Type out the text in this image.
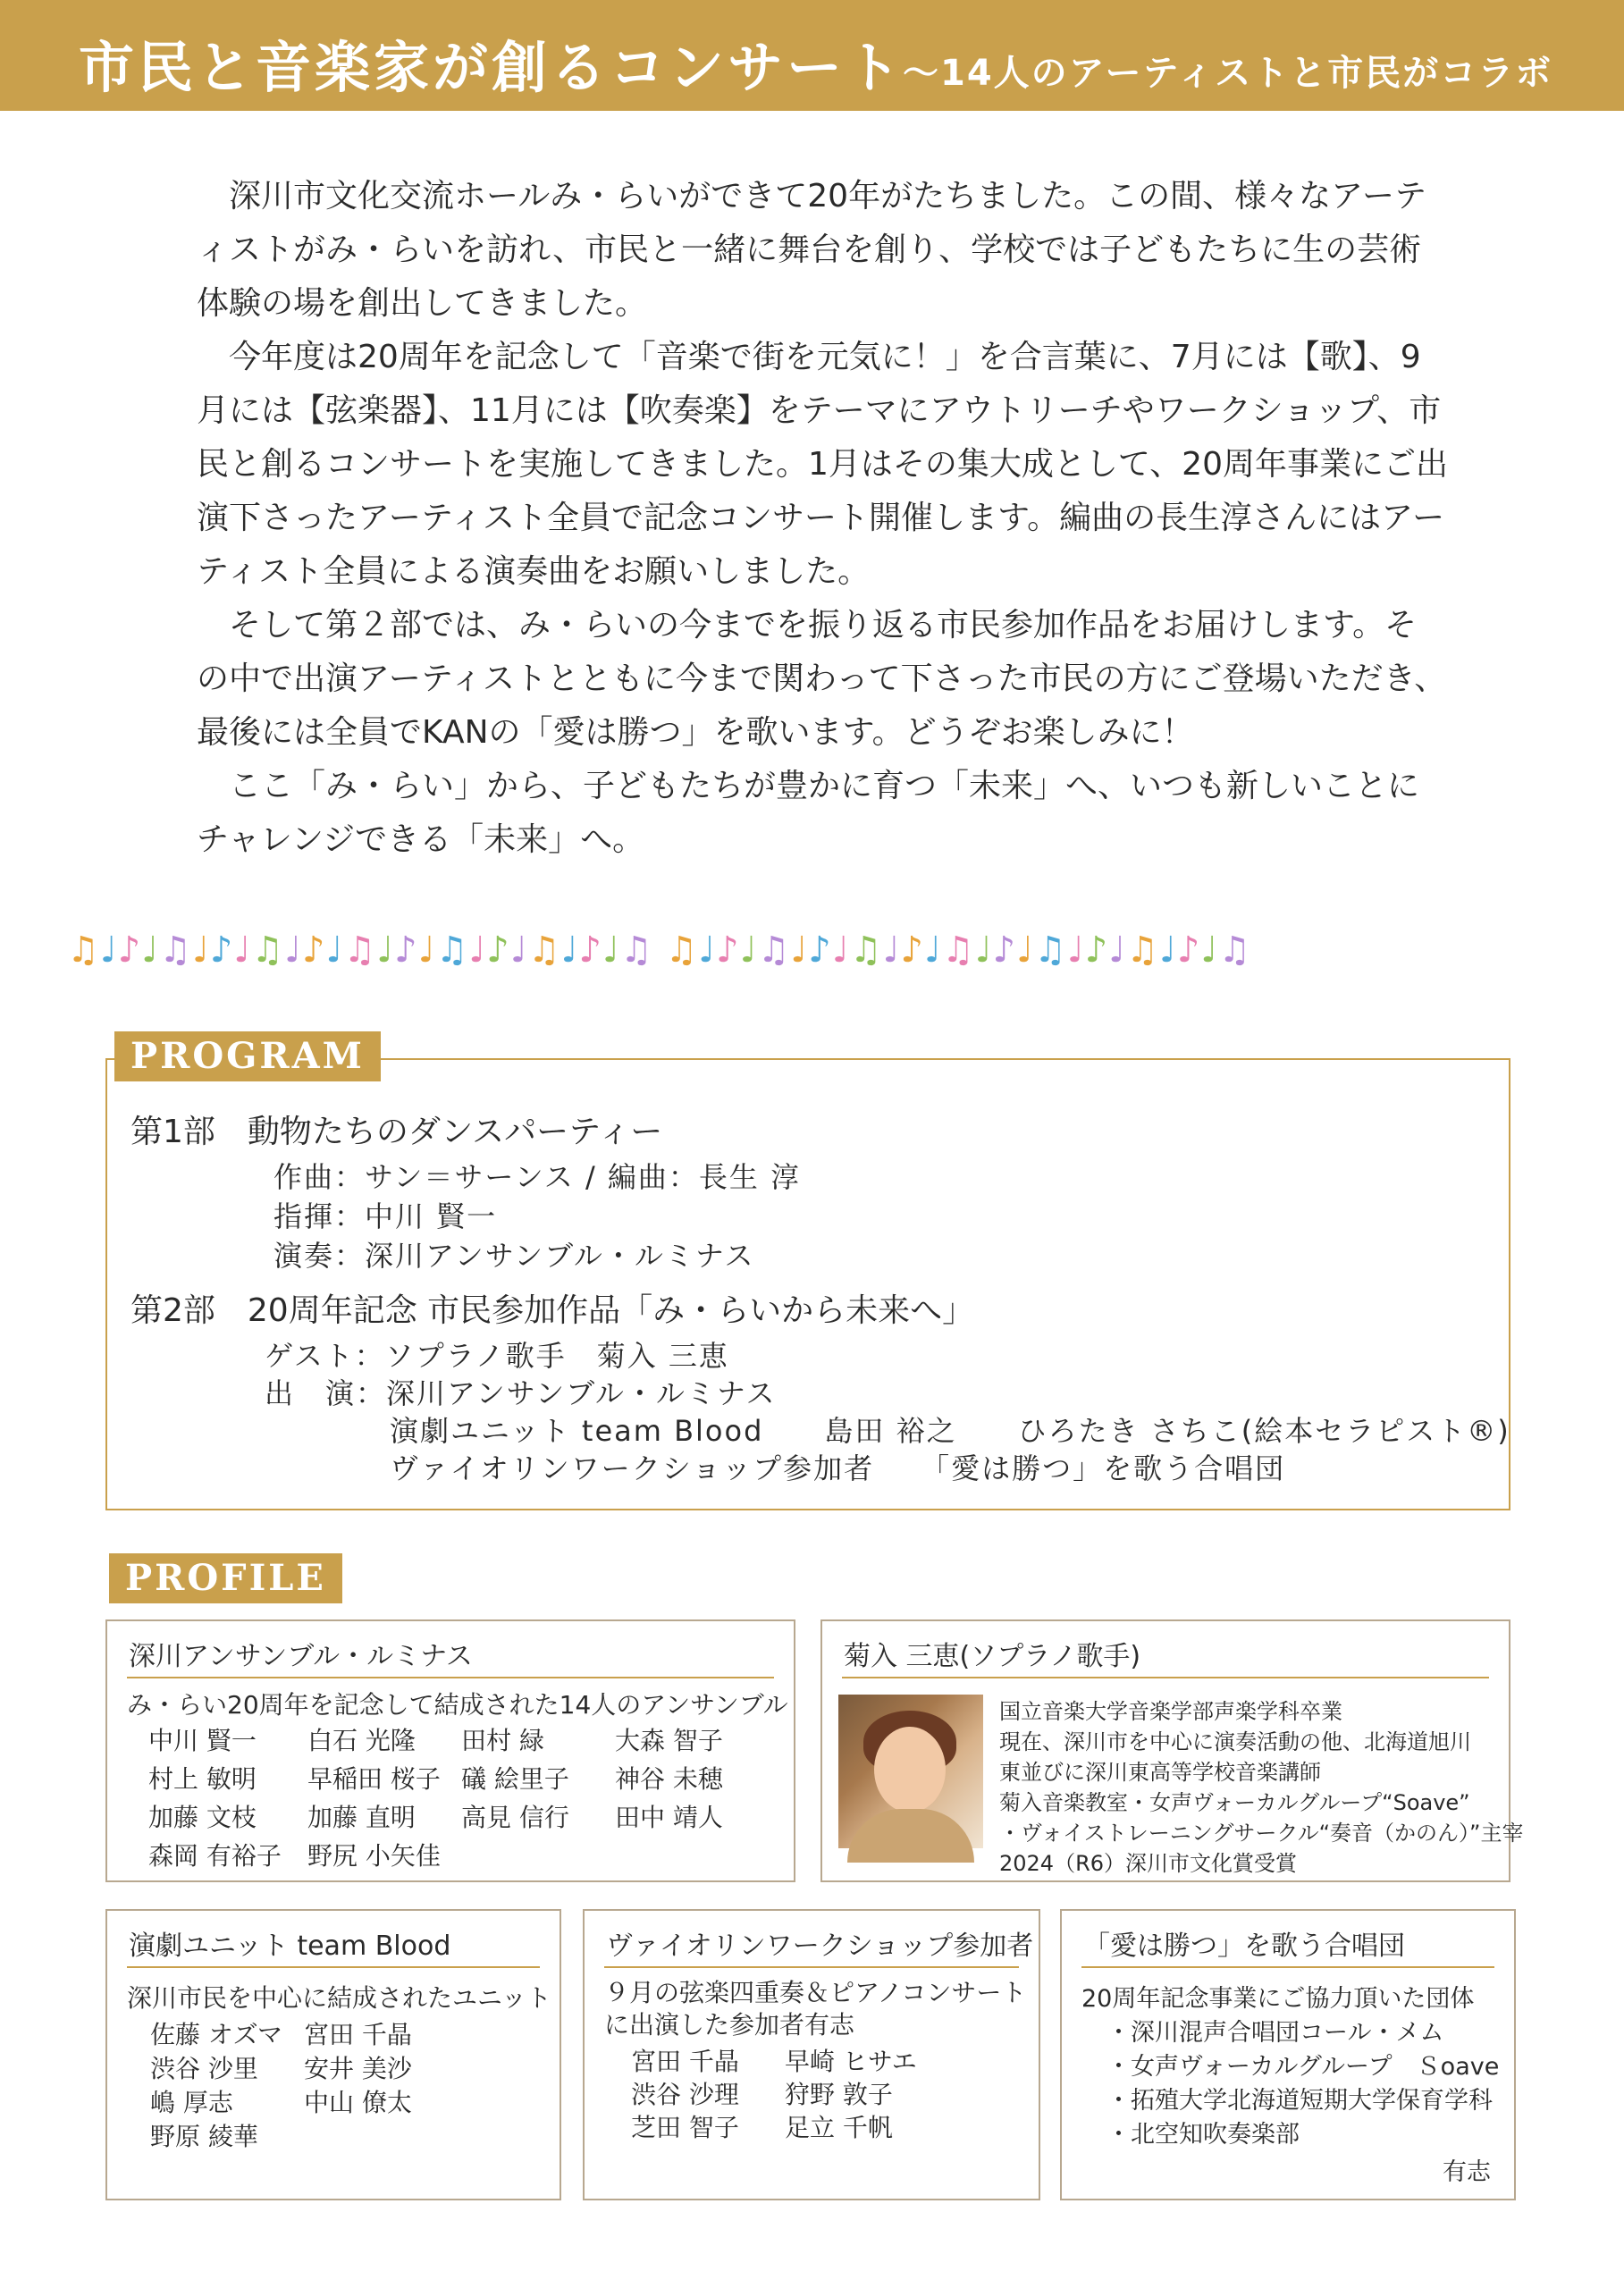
市民と音楽家が創るコンサート
～14人のアーティストと市民がコラボ

深川市文化交流ホールみ・らいができて20年がたちました。この間、様々なアーティストがみ・らいを訪れ、市民と一緒に舞台を創り、学校では子どもたちに生の芸術体験の場を創出してきました。

今年度は20周年を記念して「音楽で街を元気に！」を合言葉に、7月には【歌】、9月には【弦楽器】、11月には【吹奏楽】をテーマにアウトリーチやワークショップ、市民と創るコンサートを実施してきました。1月はその集大成として、20周年事業にご出演下さったアーティスト全員で記念コンサート開催します。編曲の長生淳さんにはアーティスト全員による演奏曲をお願いしました。

そして第２部では、み・らいの今までを振り返る市民参加作品をお届けします。その中で出演アーティストとともに今まで関わって下さった市民の方にご登場いただき、最後には全員でKANの「愛は勝つ」を歌います。どうぞお楽しみに！

ここ「み・らい」から、子どもたちが豊かに育つ「未来」へ、いつも新しいことにチャレンジできる「未来」へ。

♫♩♪♩♫♩♪♩♫♩♪♩♫♩♪♩♫♩♪♩♫♩♪♩♫ ♫♩♪♩♫♩♪♩♫♩♪♩♫♩♪♩♫♩♪♩♫♩♪♩♫
PROGRAM
第1部　動物たちのダンスパーティー
作曲：サン＝サーンス / 編曲：長生 淳
指揮：中川 賢一
演奏：深川アンサンブル・ルミナス
第2部　20周年記念 市民参加作品「み・らいから未来へ」
ゲスト：ソプラノ歌手　菊入 三恵
出　演：深川アンサンブル・ルミナス
演劇ユニット team Blood　　島田 裕之　　ひろたき さちこ(絵本セラピスト®)
ヴァイオリンワークショップ参加者　　「愛は勝つ」を歌う合唱団
PROFILE
深川アンサンブル・ルミナス
み・らい20周年を記念して結成された14人のアンサンブル
中川 賢一 白石 光隆 田村 緑	大森 智子
村上 敏明 早稲田 桜子 礒 絵里子 神谷 未穂
加藤 文枝 加藤 直明 高見 信行 田中 靖人
森岡 有裕子 野尻 小矢佳
菊入 三恵(ソプラノ歌手)
国立音楽大学音楽学部声楽学科卒業
現在、深川市を中心に演奏活動の他、北海道旭川
東並びに深川東高等学校音楽講師
菊入音楽教室・女声ヴォーカルグループ“Soave”
・ヴォイストレーニングサークル“奏音（かのん）”主宰
2024（R6）深川市文化賞受賞
演劇ユニット team Blood
深川市民を中心に結成されたユニット
佐藤 オズマ 宮田 千晶
渋谷 沙里 安井 美沙
嶋 厚志	中山 僚太
野原 綾華
ヴァイオリンワークショップ参加者
９月の弦楽四重奏＆ピアノコンサート
に出演した参加者有志
宮田 千晶 早崎 ヒサエ
渋谷 沙理 狩野 敦子
芝田 智子 足立 千帆
「愛は勝つ」を歌う合唱団
20周年記念事業にご協力頂いた団体
・深川混声合唱団コール・メム
・女声ヴォーカルグループ　Ｓoave
・拓殖大学北海道短期大学保育学科
・北空知吹奏楽部
有志
